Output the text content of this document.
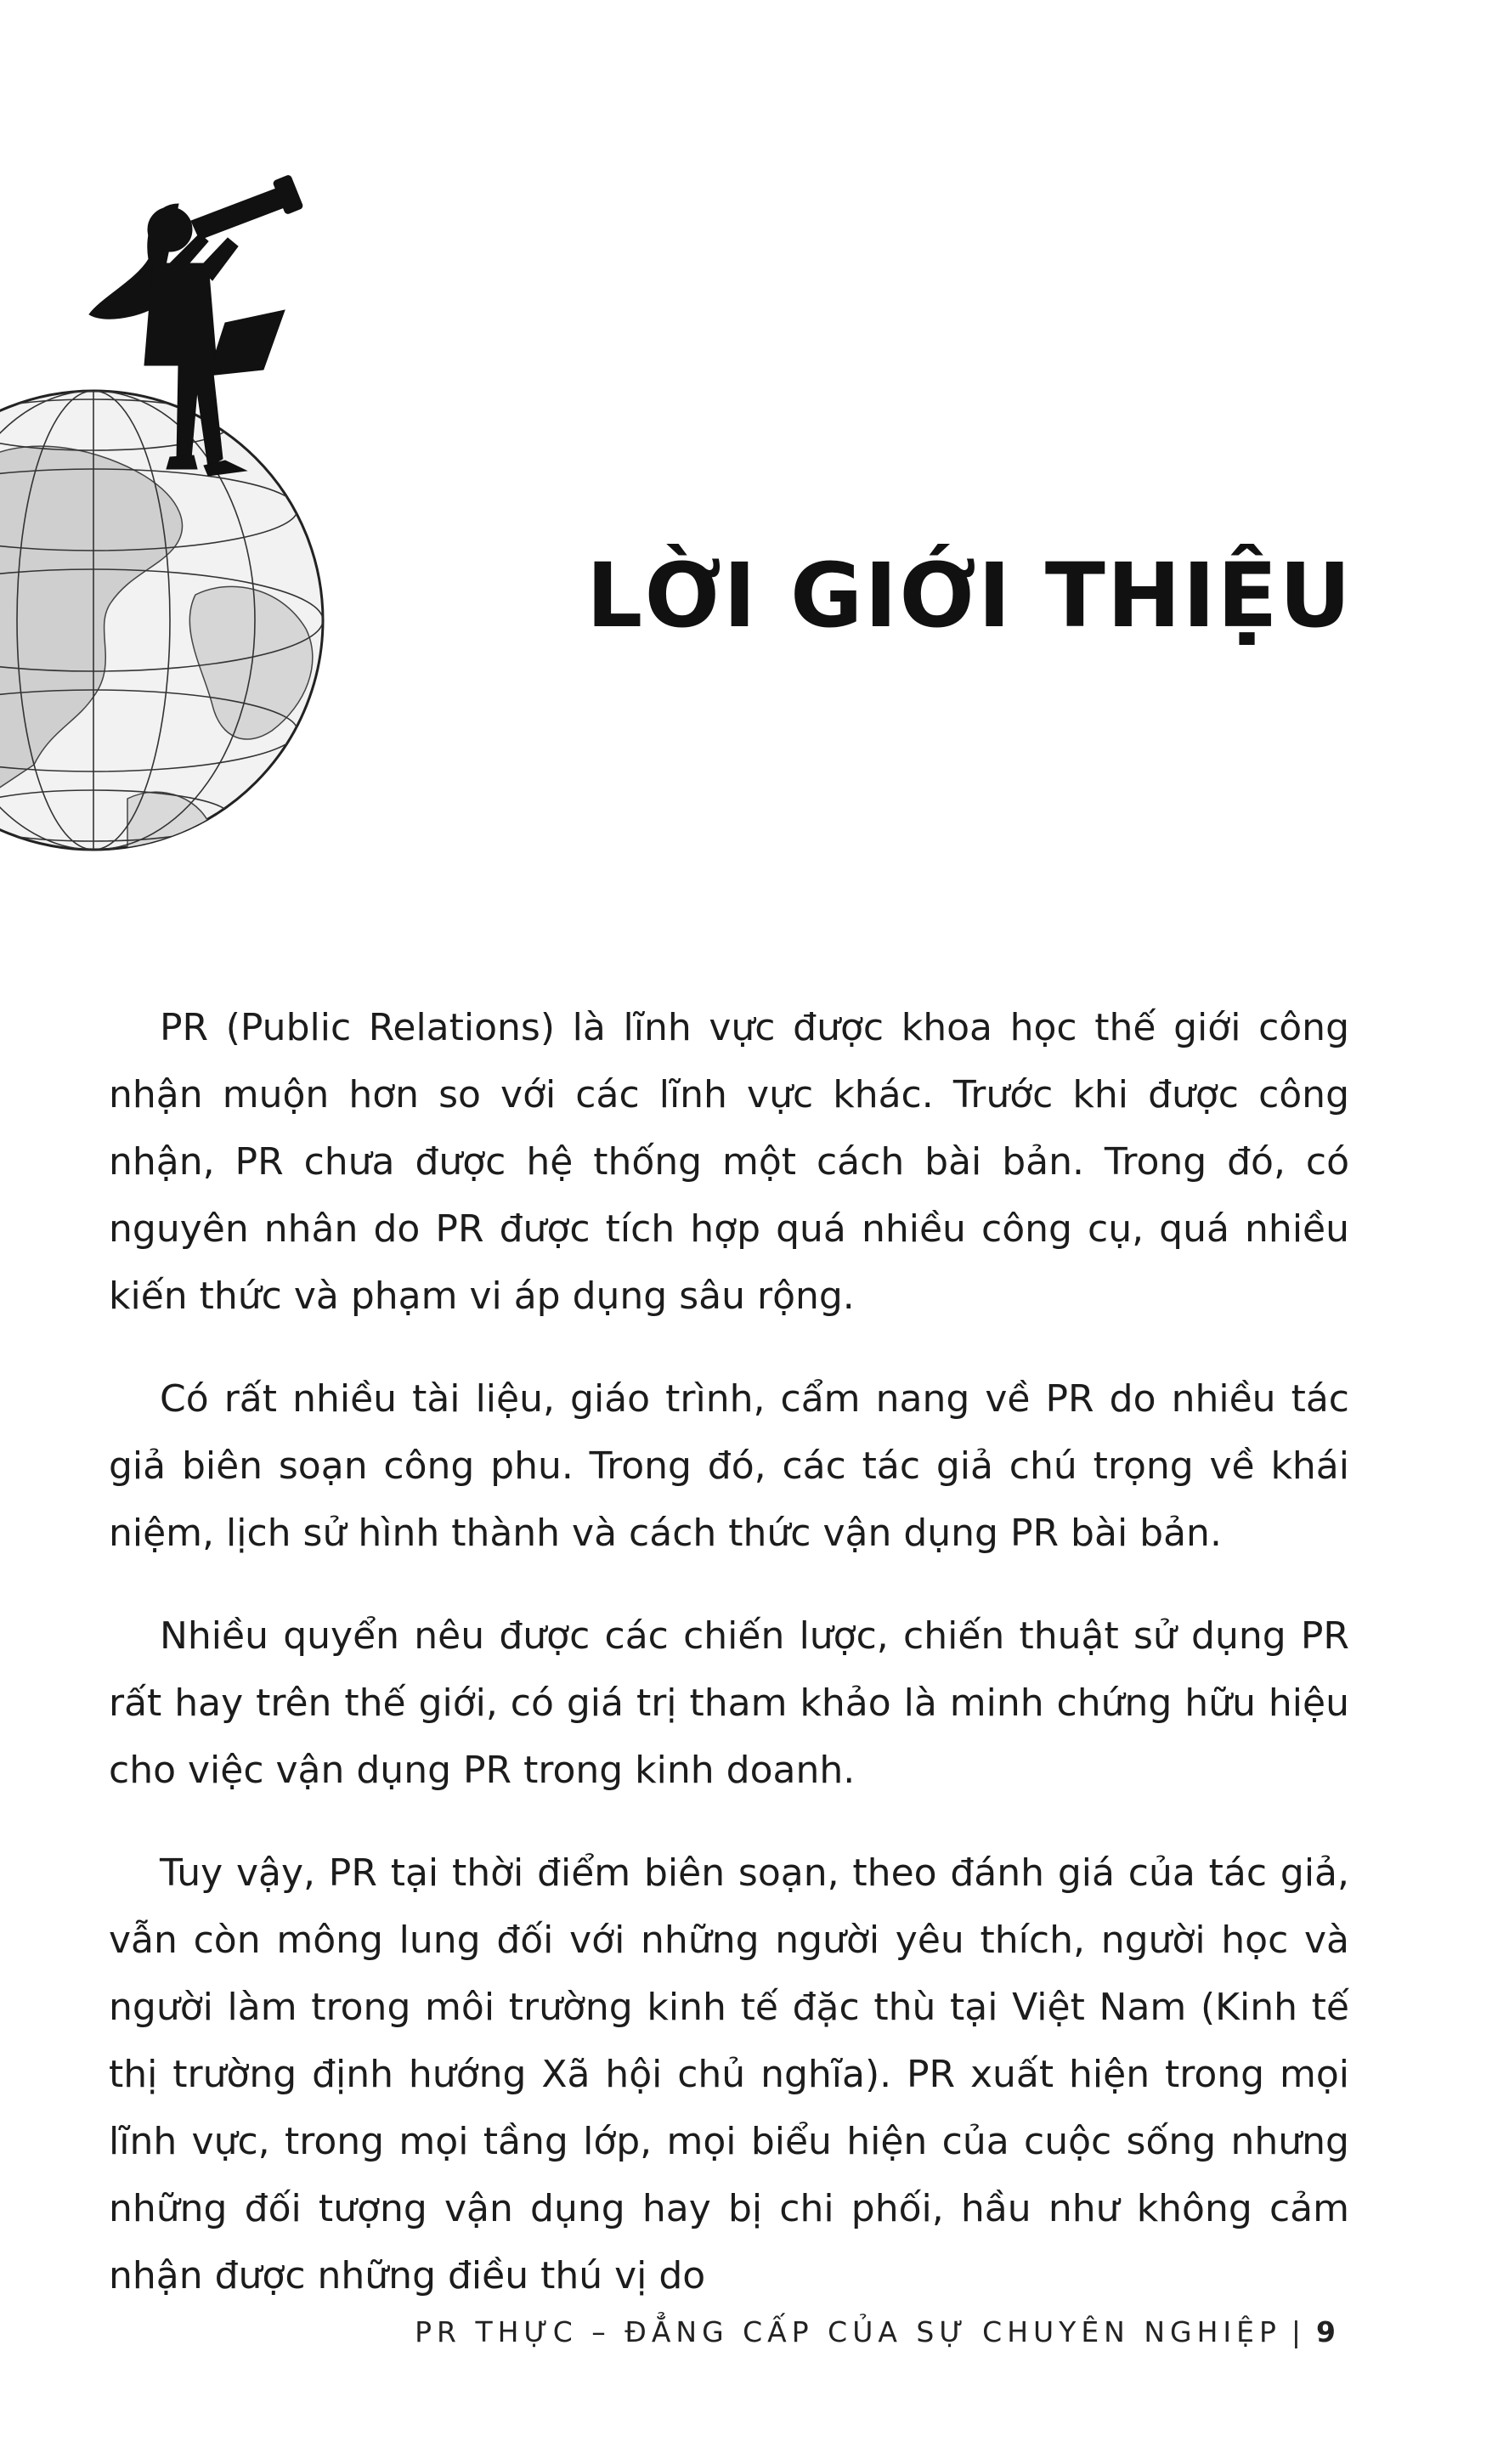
LỜI GIỚI THIỆU

PR (Public Relations) là lĩnh vực được khoa học thế giới công nhận muộn hơn so với các lĩnh vực khác. Trước khi được công nhận, PR chưa được hệ thống một cách bài bản. Trong đó, có nguyên nhân do PR được tích hợp quá nhiều công cụ, quá nhiều kiến thức và phạm vi áp dụng sâu rộng.

Có rất nhiều tài liệu, giáo trình, cẩm nang về PR do nhiều tác giả biên soạn công phu. Trong đó, các tác giả chú trọng về khái niệm, lịch sử hình thành và cách thức vận dụng PR bài bản.

Nhiều quyển nêu được các chiến lược, chiến thuật sử dụng PR rất hay trên thế giới, có giá trị tham khảo là minh chứng hữu hiệu cho việc vận dụng PR trong kinh doanh.

Tuy vậy, PR tại thời điểm biên soạn, theo đánh giá của tác giả, vẫn còn mông lung đối với những người yêu thích, người học và người làm trong môi trường kinh tế đặc thù tại Việt Nam (Kinh tế thị trường định hướng Xã hội chủ nghĩa). PR xuất hiện trong mọi lĩnh vực, trong mọi tầng lớp, mọi biểu hiện của cuộc sống nhưng những đối tượng vận dụng hay bị chi phối, hầu như không cảm nhận được những điều thú vị do

PR THỰC – ĐẲNG CẤP CỦA SỰ CHUYÊN NGHIỆP | 9
